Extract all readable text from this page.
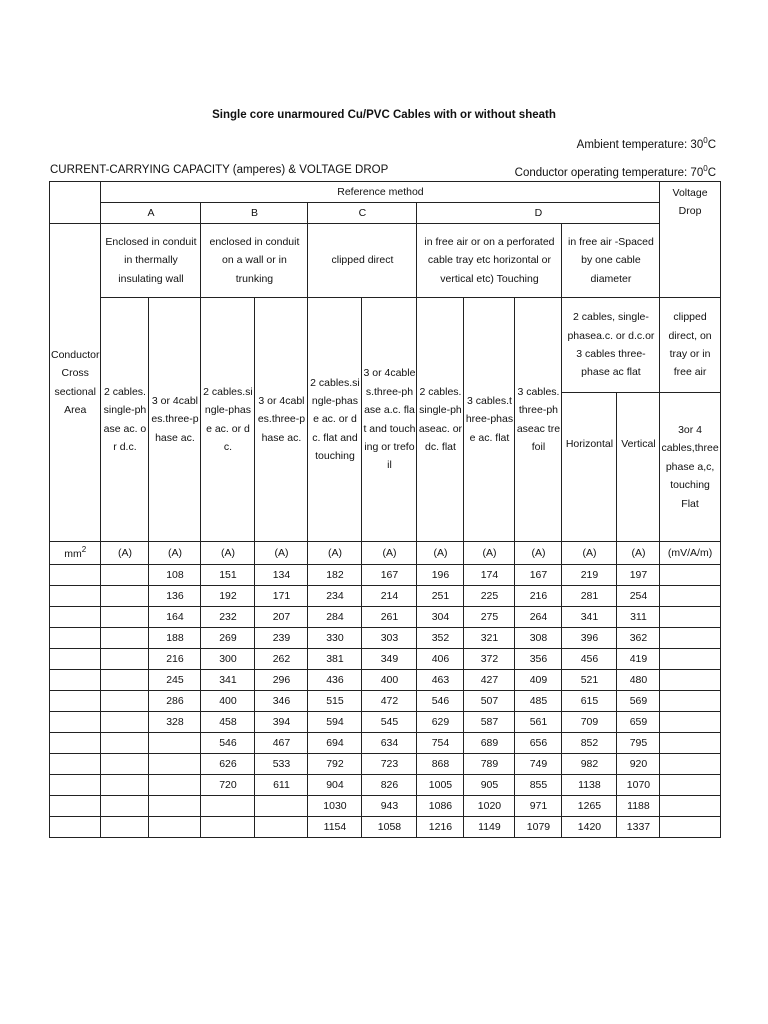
Single core unarmoured Cu/PVC Cables with or without sheath
Ambient temperature: $30^0C$
CURRENT-CARRYING CAPACITY (amperes) & VOLTAGE DROP	Conductor operating temperature: $70^0C$
	Reference method											Voltage Drop
	A		B		C		D					
Conductor Cross sectional Area	Enclosed in conduit in thermally insulating wall		enclosed in conduit on a wall or in trunking		clipped direct		in free air or on a perforated cable tray etc horizontal or vertical etc) Touching			in free air -Spaced by one cable diameter		
	2 cables.single-phase ac. or d.c.	3 or 4cables.three-phase ac.	2 cables.single-phase ac. or dc.	3 or 4cables.three-phase ac.	2 cables.single-phase ac. or dc. flat and touching	3 or 4cables.three-phase a.c. flat and touching or trefoil	2 cables.single-phaseac. or dc. flat	3 cables.three-phase ac. flat	3 cables.three-phaseac trefoil	2 cables, single-phasea.c. or d.c.or 3 cables three-phase ac flat		clipped direct, on tray or in free air
										Horizontal	Vertical	3or 4 cables,three phase a,c, touching Flat
$mm^2$	(A)	(A)	(A)	(A)	(A)	(A)	(A)	(A)	(A)	(A)	(A)	(mV/A/m)
		108	151	134	182	167	196	174	167	219	197	
		136	192	171	234	214	251	225	216	281	254	
		164	232	207	284	261	304	275	264	341	311	
		188	269	239	330	303	352	321	308	396	362	
		216	300	262	381	349	406	372	356	456	419	
		245	341	296	436	400	463	427	409	521	480	
		286	400	346	515	472	546	507	485	615	569	
		328	458	394	594	545	629	587	561	709	659	
			546	467	694	634	754	689	656	852	795	
			626	533	792	723	868	789	749	982	920	
			720	611	904	826	1005	905	855	1138	1070	
					1030	943	1086	1020	971	1265	1188	
					1154	1058	1216	1149	1079	1420	1337	
